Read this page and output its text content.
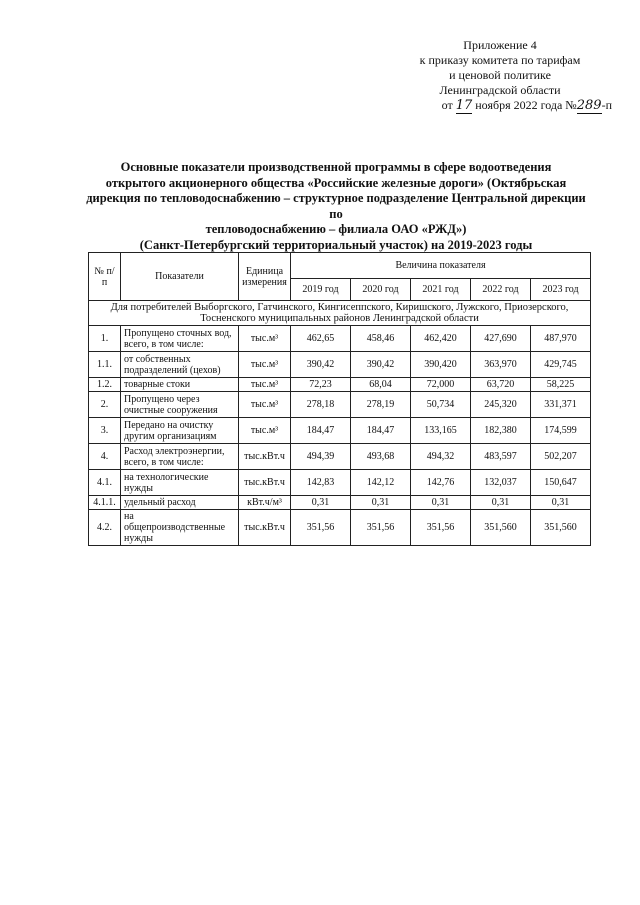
Приложение 4
к приказу комитета по тарифам
и ценовой политике
Ленинградской области
от 17 ноября 2022 года №289-п
Основные показатели производственной программы в сфере водоотведения
открытого акционерного общества «Российские железные дороги» (Октябрьская
дирекция по тепловодоснабжению – структурное подразделение Центральной дирекции по
тепловодоснабжению – филиала ОАО «РЖД»)
(Санкт-Петербургский территориальный участок) на 2019-2023 годы
№ п/п	Показатели	Единица измерения	Величина показателя				
			2019 год	2020 год	2021 год	2022 год	2023 год
Для потребителей Выборгского, Гатчинского, Кингисеппского, Киришского, Лужского, Приозерского, Тосненского муниципальных районов Ленинградской области							
1.	Пропущено сточных вод, всего, в том числе:	тыс.м³	462,65	458,46	462,420	427,690	487,970
1.1.	от собственных подразделений (цехов)	тыс.м³	390,42	390,42	390,420	363,970	429,745
1.2.	товарные стоки	тыс.м³	72,23	68,04	72,000	63,720	58,225
2.	Пропущено через очистные сооружения	тыс.м³	278,18	278,19	50,734	245,320	331,371
3.	Передано на очистку другим организациям	тыс.м³	184,47	184,47	133,165	182,380	174,599
4.	Расход электроэнергии, всего, в том числе:	тыс.кВт.ч	494,39	493,68	494,32	483,597	502,207
4.1.	на технологические нужды	тыс.кВт.ч	142,83	142,12	142,76	132,037	150,647
4.1.1.	удельный расход	кВт.ч/м³	0,31	0,31	0,31	0,31	0,31
4.2.	на общепроизводственные нужды	тыс.кВт.ч	351,56	351,56	351,56	351,560	351,560
